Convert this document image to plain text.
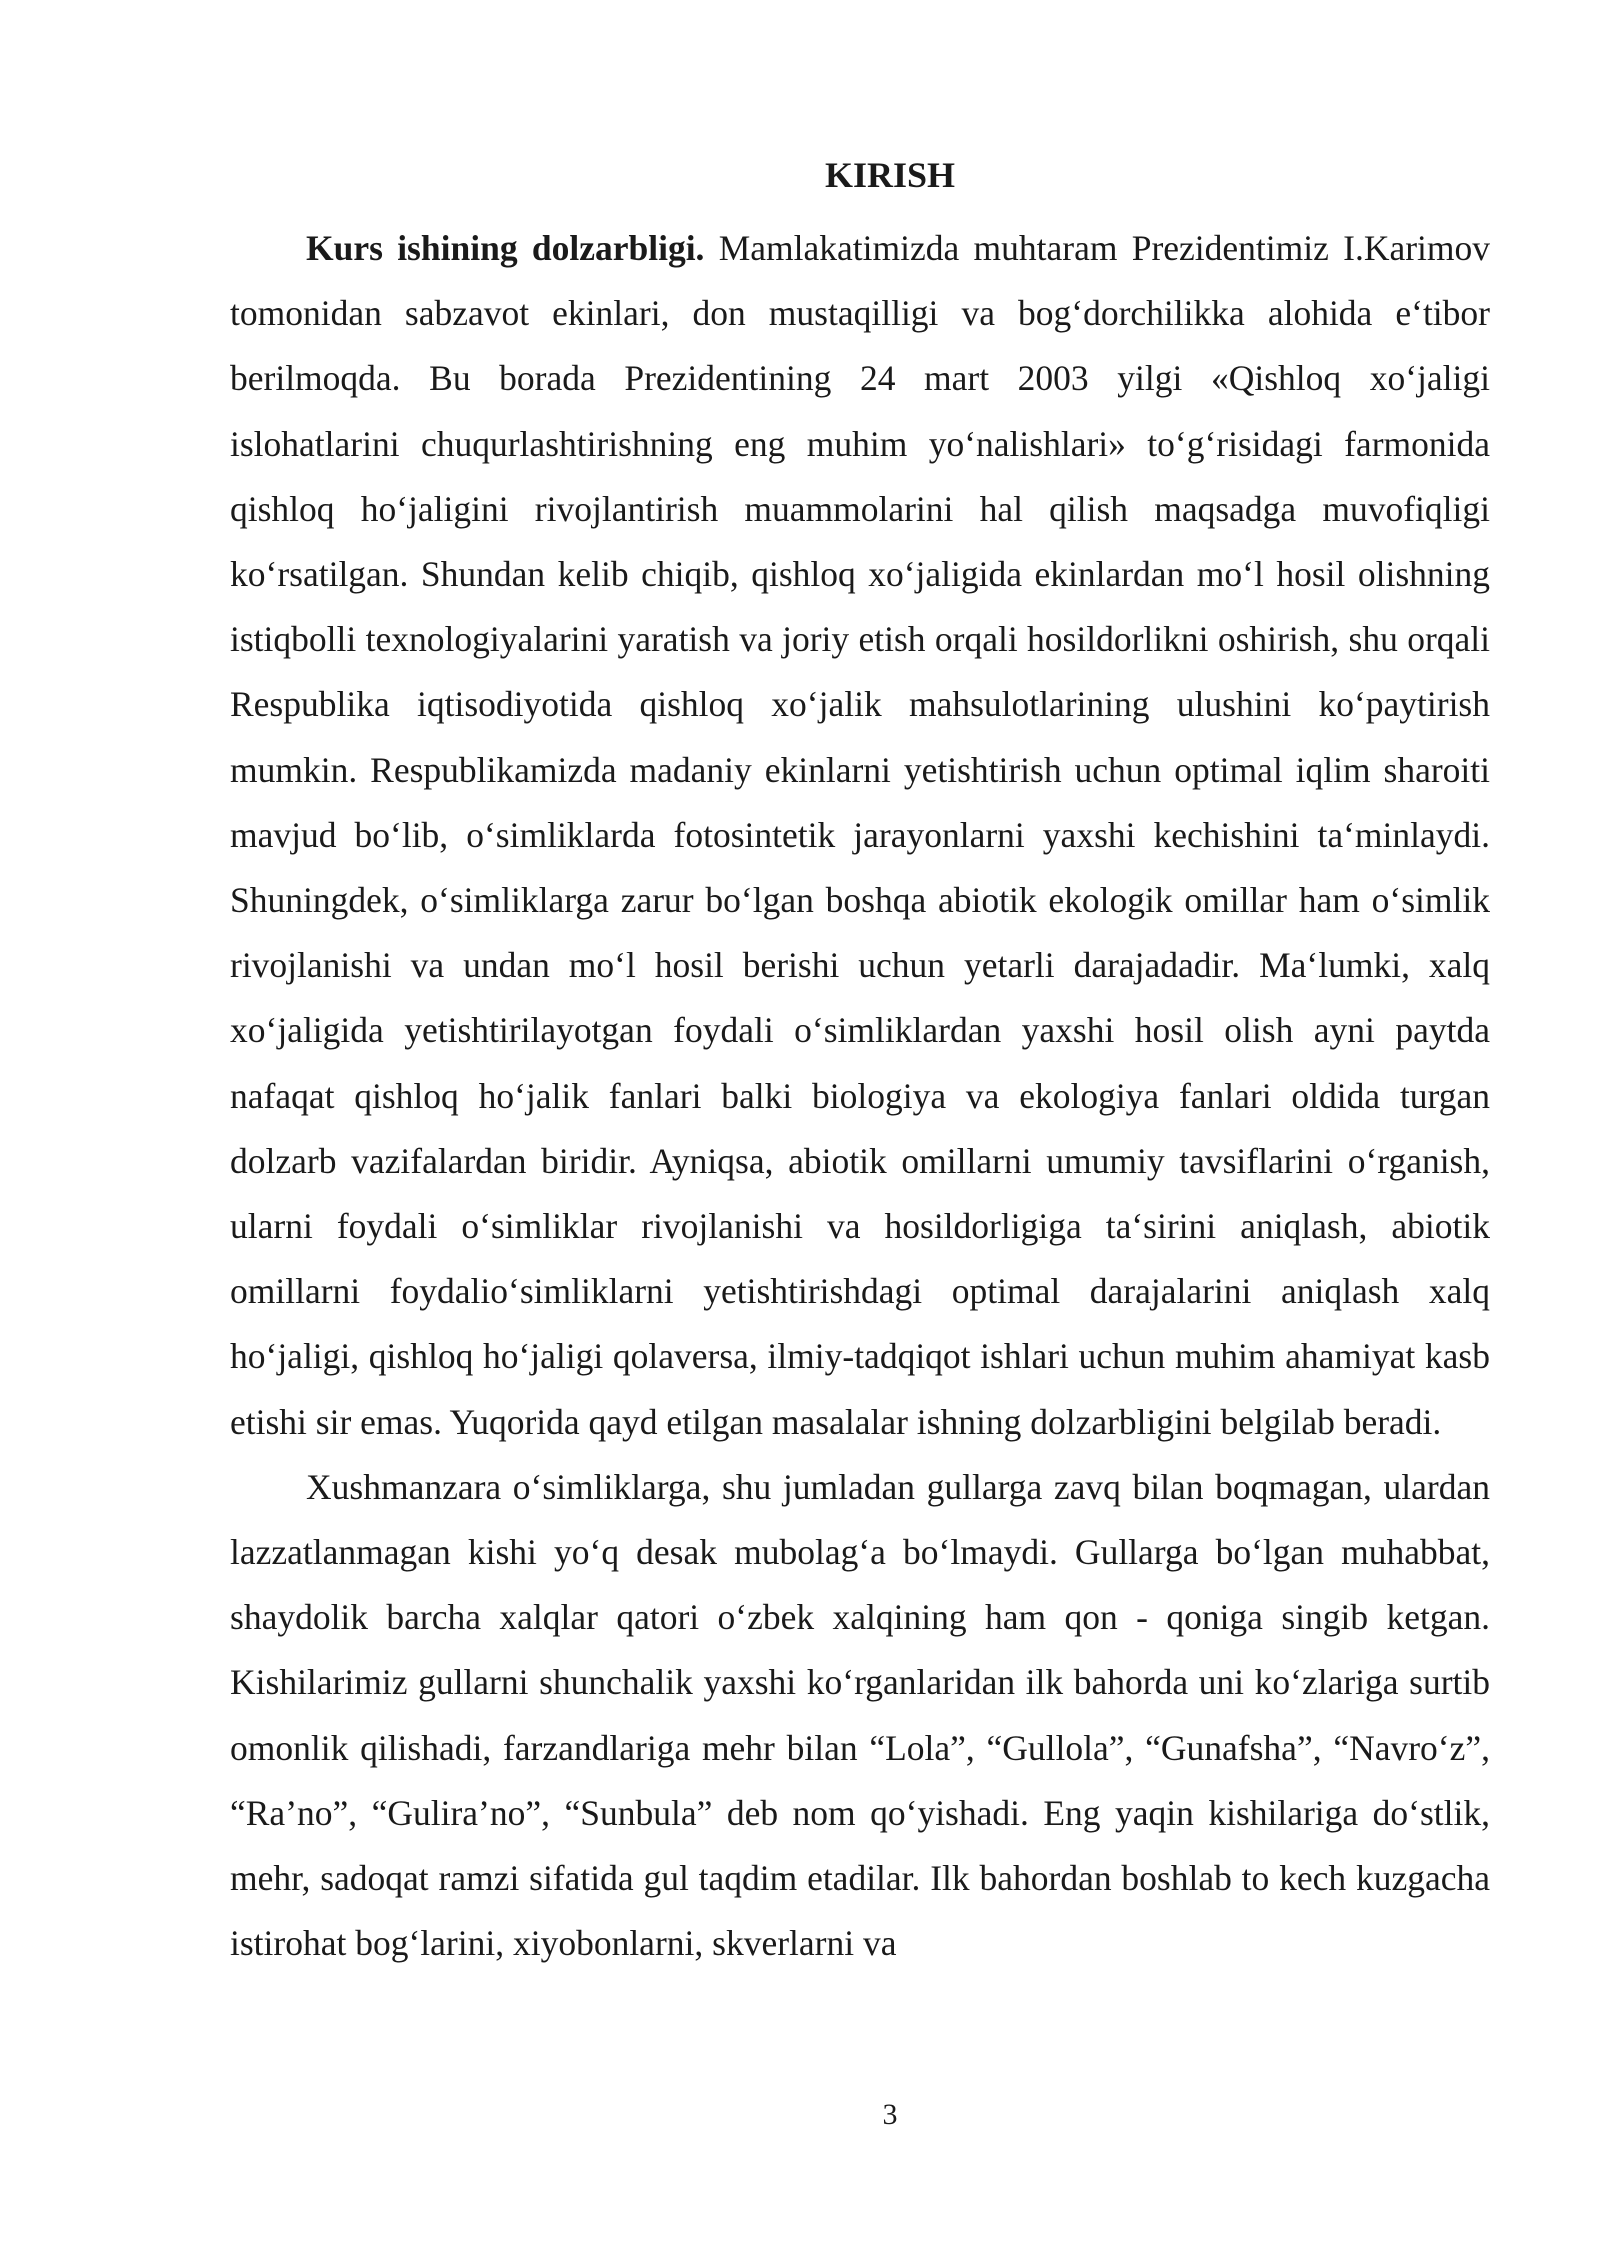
KIRISH

Kurs ishining dolzarbligi. Mamlakatimizda muhtaram Prezidentimiz I.Karimov tomonidan sabzavot ekinlari, don mustaqilligi va bog‘dorchilikka alohida e‘tibor berilmoqda. Bu borada Prezidentining 24 mart 2003 yilgi «Qishloq xo‘jaligi islohatlarini chuqurlashtirishning eng muhim yo‘nalishlari» to‘g‘risidagi farmonida qishloq ho‘jaligini rivojlantirish muammolarini hal qilish maqsadga muvofiqligi ko‘rsatilgan. Shundan kelib chiqib, qishloq xo‘jaligida ekinlardan mo‘l hosil olishning istiqbolli texnologiyalarini yaratish va joriy etish orqali hosildorlikni oshirish, shu orqali Respublika iqtisodiyotida qishloq xo‘jalik mahsulotlarining ulushini ko‘paytirish mumkin. Respublikamizda madaniy ekinlarni yetishtirish uchun optimal iqlim sharoiti mavjud bo‘lib, o‘simliklarda fotosintetik jarayonlarni yaxshi kechishini ta‘minlaydi. Shuningdek, o‘simliklarga zarur bo‘lgan boshqa abiotik ekologik omillar ham o‘simlik rivojlanishi va undan mo‘l hosil berishi uchun yetarli darajadadir. Ma‘lumki, xalq xo‘jaligida yetishtirilayotgan foydali o‘simliklardan yaxshi hosil olish ayni paytda nafaqat qishloq ho‘jalik fanlari balki biologiya va ekologiya fanlari oldida turgan dolzarb vazifalardan biridir. Ayniqsa, abiotik omillarni umumiy tavsiflarini o‘rganish, ularni foydali o‘simliklar rivojlanishi va hosildorligiga ta‘sirini aniqlash, abiotik omillarni foydalio‘simliklarni yetishtirishdagi optimal darajalarini aniqlash xalq ho‘jaligi, qishloq ho‘jaligi qolaversa, ilmiy-tadqiqot ishlari uchun muhim ahamiyat kasb etishi sir emas. Yuqorida qayd etilgan masalalar ishning dolzarbligini belgilab beradi.

Xushmanzara o‘simliklarga, shu jumladan gullarga zavq bilan boqmagan, ulardan lazzatlanmagan kishi yo‘q desak mubolag‘a bo‘lmaydi. Gullarga bo‘lgan muhabbat, shaydolik barcha xalqlar qatori o‘zbek xalqining ham qon - qoniga singib ketgan. Kishilarimiz gullarni shunchalik yaxshi ko‘rganlaridan ilk bahorda uni ko‘zlariga surtib omonlik qilishadi, farzandlariga mehr bilan “Lola”, “Gullola”, “Gunafsha”, “Navro‘z”, “Ra’no”, “Gulira’no”, “Sunbula” deb nom qo‘yishadi. Eng yaqin kishilariga do‘stlik, mehr, sadoqat ramzi sifatida gul taqdim etadilar. Ilk bahordan boshlab to kech kuzgacha istirohat bog‘larini, xiyobonlarni, skverlarni va

3
